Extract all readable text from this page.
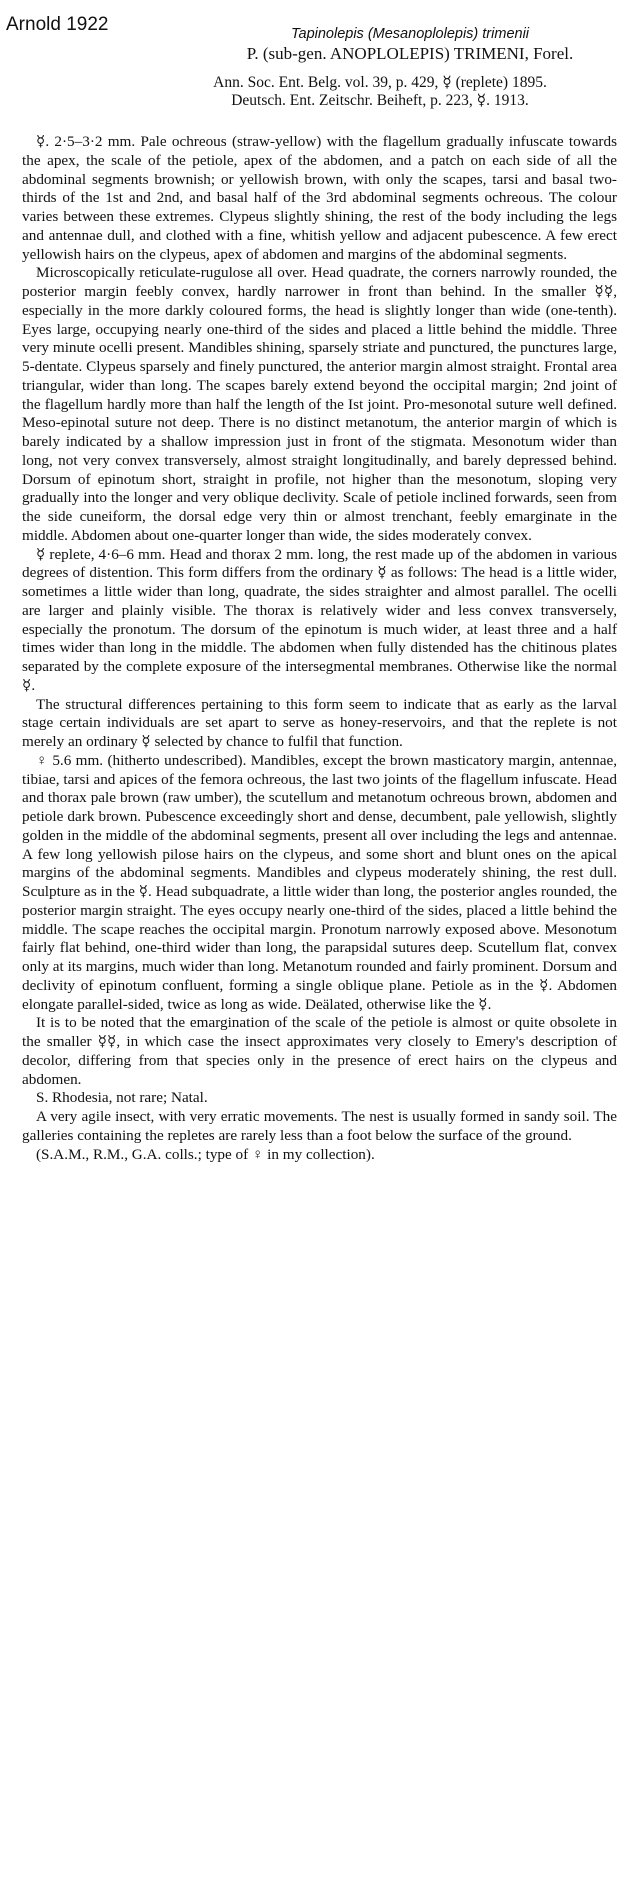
Arnold 1922	Tapinolepis (Mesanoplolepis) trimenii
P. (sub-gen. ANOPLOLEPIS) TRIMENI, Forel.
Ann. Soc. Ent. Belg. vol. 39, p. 429, ☿ (replete) 1895.
Deutsch. Ent. Zeitschr. Beiheft, p. 223, ☿. 1913.

☿. 2·5–3·2 mm. Pale ochreous (straw-yellow) with the flagellum gradually infuscate towards the apex, the scale of the petiole, apex of the abdomen, and a patch on each side of all the abdominal segments brownish; or yellowish brown, with only the scapes, tarsi and basal two-thirds of the 1st and 2nd, and basal half of the 3rd abdominal segments ochreous. The colour varies between these extremes. Clypeus slightly shining, the rest of the body including the legs and antennae dull, and clothed with a fine, whitish yellow and adjacent pubescence. A few erect yellowish hairs on the clypeus, apex of abdomen and margins of the abdominal segments.

Microscopically reticulate-rugulose all over. Head quadrate, the corners narrowly rounded, the posterior margin feebly convex, hardly narrower in front than behind. In the smaller ☿☿, especially in the more darkly coloured forms, the head is slightly longer than wide (one-tenth). Eyes large, occupying nearly one-third of the sides and placed a little behind the middle. Three very minute ocelli present. Mandibles shining, sparsely striate and punctured, the punctures large, 5-dentate. Clypeus sparsely and finely punctured, the anterior margin almost straight. Frontal area triangular, wider than long. The scapes barely extend beyond the occipital margin; 2nd joint of the flagellum hardly more than half the length of the Ist joint. Pro-mesonotal suture well defined. Meso-epinotal suture not deep. There is no distinct metanotum, the anterior margin of which is barely indicated by a shallow impression just in front of the stigmata. Mesonotum wider than long, not very convex transversely, almost straight longitudinally, and barely depressed behind. Dorsum of epinotum short, straight in profile, not higher than the mesonotum, sloping very gradually into the longer and very oblique declivity. Scale of petiole inclined forwards, seen from the side cuneiform, the dorsal edge very thin or almost trenchant, feebly emarginate in the middle. Abdomen about one-quarter longer than wide, the sides moderately convex.

☿ replete, 4·6–6 mm. Head and thorax 2 mm. long, the rest made up of the abdomen in various degrees of distention. This form differs from the ordinary ☿ as follows: The head is a little wider, sometimes a little wider than long, quadrate, the sides straighter and almost parallel. The ocelli are larger and plainly visible. The thorax is relatively wider and less convex transversely, especially the pronotum. The dorsum of the epinotum is much wider, at least three and a half times wider than long in the middle. The abdomen when fully distended has the chitinous plates separated by the complete exposure of the intersegmental membranes. Otherwise like the normal ☿.

The structural differences pertaining to this form seem to indicate that as early as the larval stage certain individuals are set apart to serve as honey-reservoirs, and that the replete is not merely an ordinary ☿ selected by chance to fulfil that function.

♀ 5.6 mm. (hitherto undescribed). Mandibles, except the brown masticatory margin, antennae, tibiae, tarsi and apices of the femora ochreous, the last two joints of the flagellum infuscate. Head and thorax pale brown (raw umber), the scutellum and metanotum ochreous brown, abdomen and petiole dark brown. Pubescence exceedingly short and dense, decumbent, pale yellowish, slightly golden in the middle of the abdominal segments, present all over including the legs and antennae. A few long yellowish pilose hairs on the clypeus, and some short and blunt ones on the apical margins of the abdominal segments. Mandibles and clypeus moderately shining, the rest dull. Sculpture as in the ☿. Head subquadrate, a little wider than long, the posterior angles rounded, the posterior margin straight. The eyes occupy nearly one-third of the sides, placed a little behind the middle. The scape reaches the occipital margin. Pronotum narrowly exposed above. Mesonotum fairly flat behind, one-third wider than long, the parapsidal sutures deep. Scutellum flat, convex only at its margins, much wider than long. Metanotum rounded and fairly prominent. Dorsum and declivity of epinotum confluent, forming a single oblique plane. Petiole as in the ☿. Abdomen elongate parallel-sided, twice as long as wide. Deälated, otherwise like the ☿.

It is to be noted that the emargination of the scale of the petiole is almost or quite obsolete in the smaller ☿☿, in which case the insect approximates very closely to Emery's description of decolor, differing from that species only in the presence of erect hairs on the clypeus and abdomen.

S. Rhodesia, not rare; Natal.

A very agile insect, with very erratic movements. The nest is usually formed in sandy soil. The galleries containing the repletes are rarely less than a foot below the surface of the ground.

(S.A.M., R.M., G.A. colls.; type of ♀ in my collection).
